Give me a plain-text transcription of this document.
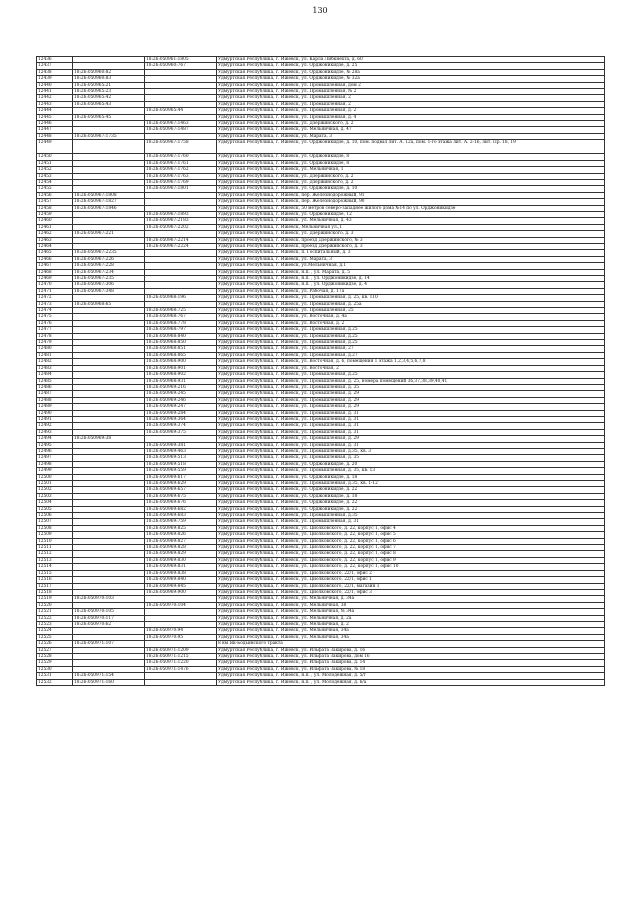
130
12436		18:26:050961:1805	Удмуртская Республика, г. Ижевск, ул. Карла Либкнехта, д. 60
12437		18:26:050960:767	Удмуртская Республика, г. Ижевск, ул. Орджоникидзе, д. 25
12438	18:26:050960:82		Удмуртская Республика, г. Ижевск, ул. Орджоникидзе, № 28а
12439	18:26:050960:83		Удмуртская Республика, г. Ижевск, ул. Орджоникидзе, № 32а
12440	18:26:050965:21		Удмуртская Республика, г. Ижевск, ул. Промышленная, дом 2
12441	18:26:050965:23		Удмуртская Республика, г. Ижевск, ул. Промышленная, № 2
12442	18:26:050965:42		Удмуртская Республика, г. Ижевск, ул. Промышленная, 2
12443	18:26:050965:43		Удмуртская Республика, г. Ижевск, ул. Промышленная, 2
12444		18:26:050965:44	Удмуртская Республика, г. Ижевск, ул. Промышленная, д. 2
12445	18:26:050965:45		Удмуртская Республика, г. Ижевск, ул. Промышленная, д. 4
12446		18:26:050967:1463	Удмуртская Республика, г. Ижевск, ул. Дзержинского, д. 2
12447		18:26:050967:1487	Удмуртская Республика, г. Ижевск, ул. Мельничная, д. 47
12448	18:26:050967:1735		Удмуртская Республика, г. Ижевск, ул. Марата, 3
12449		18:26:050967:1758	Удмуртская Республика, г. Ижевск, ул. Орджоникидзе, д. 10, пом. подвал лит. А. 12а, пом. 1-го этажа лит. А. 2-16, лит. Пр. 18, 19
12450		18:26:050967:1760	Удмуртская Республика, г. Ижевск, ул. Орджоникидзе, 8
12451		18:26:050967:1761	Удмуртская Республика, г. Ижевск, ул. Орджоникидзе, 8
12452		18:26:050967:1762	Удмуртская Республика, г. Ижевск, ул. Мельничная, 1
12453		18:26:050967:1763	Удмуртская Республика, г. Ижевск, ул. Дзержинского, д. 2
12454		18:26:050967:1769	Удмуртская Республика, г. Ижевск, ул. Дзержинского, д. 2
12455		18:26:050967:1801	Удмуртская Республика, г. Ижевск, ул. Орджоникидзе, д. 10
12456	18:26:050967:1808		Удмуртская Республика, г. Ижевск, пер. Железнодорожный, 91
12457	18:26:050967:1827		Удмуртская Республика, г. Ижевск, пер. Железнодорожный, 90
12458	18:26:050967:1846		Удмуртская Республика, г. Ижевск, 50 метров северо-западнее жилого дома №14 по ул. Орджоникидзе
12459		18:26:050967:1893	Удмуртская Республика, г. Ижевск, ул. Орджоникидзе, 12
12460		18:26:050967:2183	Удмуртская Республика, г. Ижевск, ул. Мельничная, д. 43
12461		18:26:050967:2202	Удмуртская Республика, г. Ижевск, Мельничная ул.,1
12462	18:26:050967:221		Удмуртская Республика, г. Ижевск, ул. Дзержинского, д. 3
12463		18:26:050967:2214	Удмуртская Республика, г. Ижевск, проезд Дзержинского, № 3
12464		18:26:050967:2224	Удмуртская Республика, г. Ижевск, проезд Дзержинского, д. 3
12465	18:26:050967:2235		Удмуртская Республика, г. Ижевск, п. Госпитальный, д. 3
12466	18:26:050967:226		Удмуртская Республика, г. Ижевск, ул. Марата, 3
12467	18:26:050967:228		Удмуртская Республика, г. Ижевск, ул.Мельничная, д.1
12468	18:26:050967:234		Удмуртская Республика, г. Ижевск, н.п. , ул. Марата, д. 5
12469	18:26:050967:235		Удмуртская Республика, г. Ижевск, н.п. , ул. Орджоникидзе, д. 14
12470	18:26:050967:306		Удмуртская Республика, г. Ижевск, н.п. , ул. Орджоникидзе, д. 4
12471	18:26:050967:348		Удмуртская Республика, г. Ижевск, ул. Рабочая, д. 17а
12472		18:26:050968:196	Удмуртская Республика, г. Ижевск, ул. Промышленная, д. 25, кв. 110
12473	18:26:050968:65		Удмуртская Республика, г. Ижевск, ул. Промышленная, д. 25а
12474		18:26:050968:725	Удмуртская Республика, г. Ижевск, ул. Промышленная, 25
12475		18:26:050968:767	Удмуртская Республика, г. Ижевск, ул. Восточная, д. 4а
12476		18:26:050968:778	Удмуртская Республика, г. Ижевск, ул. Восточная, д. 2
12477		18:26:050968:797	Удмуртская Республика, г. Ижевск, ул. Промышленная, д.25
12478		18:26:050968:840	Удмуртская Республика, г. Ижевск, ул. Промышленная, д.25
12479		18:26:050968:850	Удмуртская Республика, г. Ижевск, ул. Промышленная, д.25
12480		18:26:050968:851	Удмуртская Республика, г. Ижевск, ул. Промышленная, 27
12481		18:26:050968:865	Удмуртская Республика, г. Ижевск, ул. Промышленная, д.27
12482		18:26:050968:900	Удмуртская Республика, г. Ижевск, ул. Восточная, д. 6, помещения 1 этажа 1,2,3,4,5,6,7,8
12483		18:26:050968:901	Удмуртская Республика, г. Ижевск, ул. Восточная, 2
12484		18:26:050968:902	Удмуртская Республика, г. Ижевск, ул. Промышленная, д.25
12485		18:26:050968:931	Удмуртская Республика, г. Ижевск, ул. Промышленная, д. 25, номера помещений 36,37,38,39,40,41
12486		18:26:050969:216	Удмуртская Республика, г. Ижевск, ул. Промышленная, д. 35
12487		18:26:050969:245	Удмуртская Республика, г. Ижевск, ул. Промышленная, д. 29
12488		18:26:050969:246	Удмуртская Республика, г. Ижевск, ул. Промышленная, д. 29
12489		18:26:050969:247	Удмуртская Республика, г. Ижевск, ул. Промышленная, д. 29
12490		18:26:050969:284	Удмуртская Республика, г. Ижевск, ул. Промышленная, д. 31
12491		18:26:050969:364	Удмуртская Республика, г. Ижевск, ул. Промышленная, д. 31
12492		18:26:050969:374	Удмуртская Республика, г. Ижевск, ул. Промышленная, д. 31
12493		18:26:050969:375	Удмуртская Республика, г. Ижевск, ул. Промышленная, д. 31
12494	18:26:050969:38		Удмуртская Республика, г. Ижевск, ул. Промышленная, д. 29
12495		18:26:050969:381	Удмуртская Республика, г. Ижевск, ул. Промышленная, д. 31
12496		18:26:050969:463	Удмуртская Республика, г. Ижевск, ул. Промышленная, д.35, кв. 3
12497		18:26:050969:513	Удмуртская Республика, г. Ижевск, ул. Промышленная, д. 35
12498		18:26:050969:518	Удмуртская Республика, г. Ижевск, ул. Орджоникидзе, д. 20
12499		18:26:050969:559	Удмуртская Республика, г. Ижевск, ул. Промышленная, д. 35, кв. 13
12500		18:26:050969:617	Удмуртская Республика, г. Ижевск, ул. Орджоникидзе, д. 18
12501		18:26:050969:629	Удмуртская Республика, г. Ижевск, ул. Промышленная, д.35, кв. 1-12
12502		18:26:050969:657	Удмуртская Республика, г. Ижевск, ул. Орджоникидзе, д. 22
12503		18:26:050969:675	Удмуртская Республика, г. Ижевск, ул. Орджоникидзе, д. 18
12504		18:26:050969:676	Удмуртская Республика, г. Ижевск, ул. Орджоникидзе, д. 22
12505		18:26:050969:682	Удмуртская Республика, г. Ижевск, ул. Орджоникидзе, д. 22
12506		18:26:050969:683	Удмуртская Республика, г. Ижевск, ул. Промышленная, д.35
12507		18:26:050969:759	Удмуртская Республика, г. Ижевск, ул. Промышленная, д. 31
12508		18:26:050969:825	Удмуртская Республика, г. Ижевск, ул. Циолковского, д. 22, корпус 1, офис 4
12509		18:26:050969:826	Удмуртская Республика, г. Ижевск, ул. Циолковского, д. 22, корпус 1, офис 5
12510		18:26:050969:827	Удмуртская Республика, г. Ижевск, ул. Циолковского, д. 22, корпус 1, офис 6
12511		18:26:050969:828	Удмуртская Республика, г. Ижевск, ул. Циолковского, д. 22, корпус 1, офис 7
12512		18:26:050969:829	Удмуртская Республика, г. Ижевск, ул. Циолковского, д. 22, корпус 1, офис 8
12513		18:26:050969:830	Удмуртская Республика, г. Ижевск, ул. Циолковского, д. 22, корпус 1, офис 9
12514		18:26:050969:831	Удмуртская Республика, г. Ижевск, ул. Циолковского, д. 22, корпус 1, офис 10
12515		18:26:050969:838	Удмуртская Республика, г. Ижевск, ул. Циолковского, 22/1, офис 2
12516		18:26:050969:840	Удмуртская Республика, г. Ижевск, ул. Циолковского, 22/1, офис 1
12517		18:26:050969:845	Удмуртская Республика, г. Ижевск, ул. Циолковского, 22/1, магазин 1
12518		18:26:050969:900	Удмуртская Республика, г. Ижевск, ул. Циолковского, 22/1, офис 3
12519	18:26:050970:103		Удмуртская Республика, г. Ижевск, ул. Мельничная, д. 34а
12520		18:26:050970:104	Удмуртская Республика, г. Ижевск, ул. Мельничная, 38
12521	18:26:050970:105		Удмуртская Республика, г. Ижевск, ул. Мельничная, № 34а
12522	18:26:050970:117		Удмуртская Республика, г. Ижевск, ул. Мельничная, д. 2а
12523	18:26:050970:62		Удмуртская Республика, г. Ижевск, ул. Мельничная, д. 2
12524		18:26:050970:94	Удмуртская Республика, г. Ижевск, ул. Мельничная, 34а
12525		18:26:050970:95	Удмуртская Республика, г. Ижевск, ул. Мельничная, 34а
12526	18:26:050971:107		8 км Як-Бодьинского тракта
12527		18:26:050971:1209	Удмуртская Республика, г. Ижевск, ул. Ильфата Закирова, д. 16
12528		18:26:050971:1215	Удмуртская Республика, г. Ижевск, ул. Ильфата Закирова, дом 16
12529		18:26:050971:1220	Удмуртская Республика, г. Ижевск, ул. Ильфата Закирова, д. 14
12530		18:26:050971:1476	Удмуртская Республика, г. Ижевск, ул. Ильфата Закирова, № 18
12531	18:26:050971:154		Удмуртская Республика, г. Ижевск, н.п. , ул. Молодежная, д. 5/г
12532	18:26:050971:160		Удмуртская Республика, г. Ижевск, н.п. , ул. Молодежная, д. 6/а
